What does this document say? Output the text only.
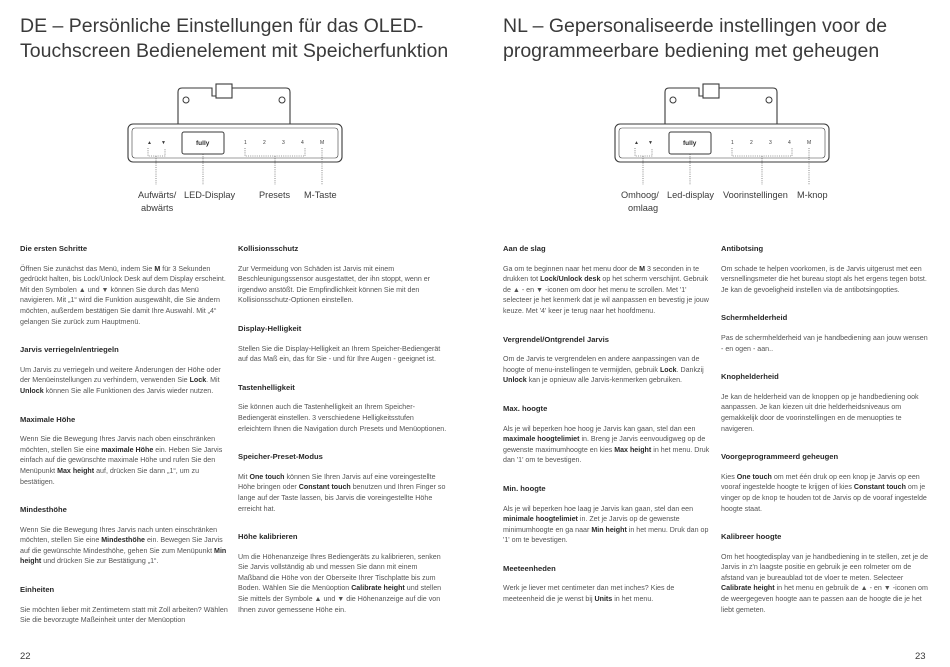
DE – Persönliche Einstellungen für das OLED-Touchscreen Bedienelement mit Speicherfunktion
▲ ▼	fully	1	2	3	4	M
Aufwärts/
abwärts
LED-Display	Presets M-Taste
Die ersten Schritte

Öffnen Sie zunächst das Menü, indem Sie M für 3 Sekunden gedrückt halten, bis Lock/Unlock Desk auf dem Display erscheint. Mit den Symbolen ▲ und ▼ können Sie durch das Menü navigieren. Mit „1“ wird die Funktion ausgewählt, die Sie ändern möchten, außerdem bestätigen Sie damit Ihre Auswahl. Mit „4“ gelangen Sie zurück zum Hauptmenü.

Jarvis verriegeln/entriegeln

Um Jarvis zu verriegeln und weitere Änderungen der Höhe oder der Menüeinstellungen zu verhindern, verwenden Sie Lock. Mit Unlock können Sie alle Funktionen des Jarvis wieder nutzen.

Maximale Höhe

Wenn Sie die Bewegung Ihres Jarvis nach oben einschränken möchten, stellen Sie eine maximale Höhe ein. Heben Sie Jarvis einfach auf die gewünschte maximale Höhe und rufen Sie den Menüpunkt Max height auf, drücken Sie dann „1“, um zu bestätigen.

Mindesthöhe

Wenn Sie die Bewegung Ihres Jarvis nach unten einschränken möchten, stellen Sie eine Mindesthöhe ein. Bewegen Sie Jarvis auf die gewünschte Mindesthöhe, gehen Sie zum Menüpunkt Min height und drücken Sie zur Bestätigung „1“.

Einheiten

Sie möchten lieber mit Zentimetern statt mit Zoll arbeiten? Wählen Sie die bevorzugte Maßeinheit unter der Menüoption

Kollisionsschutz

Zur Vermeidung von Schäden ist Jarvis mit einem Beschleunigungssensor ausgestattet, der ihn stoppt, wenn er irgendwo anstößt. Die Empfindlichkeit können Sie mit den Kollisionsschutz-Optionen einstellen.

Display-Helligkeit

Stellen Sie die Display-Helligkeit an Ihrem Speicher-Bediengerät auf das Maß ein, das für Sie - und für Ihre Augen - geeignet ist.

Tastenhelligkeit

Sie können auch die Tastenhelligkeit an Ihrem Speicher- Bediengerät einstellen. 3 verschiedene Helligkeitsstufen erleichtern Ihnen die Navigation durch Presets und Menüoptionen.

Speicher-Preset-Modus

Mit One touch können Sie Ihren Jarvis auf eine voreingestellte Höhe bringen oder Constant touch benutzen und Ihren Finger so lange auf der Taste lassen, bis Jarvis die voreingestellte Höhe erreicht hat.

Höhe kalibrieren

Um die Höhenanzeige Ihres Bediengeräts zu kalibrieren, senken Sie Jarvis vollständig ab und messen Sie dann mit einem Maßband die Höhe von der Oberseite Ihrer Tischplatte bis zum Boden. Wählen Sie die Menüoption Calibrate height und stellen Sie mittels der Symbole ▲ und ▼ die Höhenanzeige auf die von Ihnen zuvor gemessene Höhe ein.

22
NL – Gepersonaliseerde instellingen voor de programmeerbare bediening met geheugen
▲ ▼	fully	1	2	3	4	M
Omhoog/
omlaag
Led-display Voorinstellingen M-knop
Aan de slag

Ga om te beginnen naar het menu door de M 3 seconden in te drukken tot Lock/Unlock desk op het scherm verschijnt. Gebruik de ▲ - en ▼ -iconen om door het menu te scrollen. Met '1' selecteer je het kenmerk dat je wil aanpassen en bevestig je jouw keuze. Met '4' keer je terug naar het hoofdmenu.

Vergrendel/Ontgrendel Jarvis

Om de Jarvis te vergrendelen en andere aanpassingen van de hoogte of menu-instellingen te vermijden, gebruik Lock. Dankzij Unlock kan je opnieuw alle Jarvis-kenmerken gebruiken.

Max. hoogte

Als je wil beperken hoe hoog je Jarvis kan gaan, stel dan een maximale hoogtelimiet in. Breng je Jarvis eenvoudigweg op de gewenste maximumhoogte en kies Max height in het menu. Druk dan '1' om te bevestigen.

Min. hoogte

Als je wil beperken hoe laag je Jarvis kan gaan, stel dan een minimale hoogtelimiet in. Zet je Jarvis op de gewenste minimumhoogte en ga naar Min height in het menu. Druk dan op '1' om te bevestigen.

Meeteenheden

Werk je liever met centimeter dan met inches? Kies de meeteenheid die je wenst bij Units in het menu.

Antibotsing

Om schade te helpen voorkomen, is de Jarvis uitgerust met een versnellingsmeter die het bureau stopt als het ergens tegen botst. Je kan de gevoeligheid instellen via de antibotsingopties.

Schermhelderheid

Pas de schermhelderheid van je handbediening aan jouw wensen - en ogen - aan..

Knophelderheid

Je kan de helderheid van de knoppen op je handbediening ook aanpassen. Je kan kiezen uit drie helderheidsniveaus om gemakkelijk door de voorinstellingen en de menuopties te navigeren.

Voorgeprogrammeerd geheugen

Kies One touch om met één druk op een knop je Jarvis op een vooraf ingestelde hoogte te krijgen of kies Constant touch om je vinger op de knop te houden tot de Jarvis op de vooraf ingestelde hoogte staat.

Kalibreer hoogte

Om het hoogtedisplay van je handbediening in te stellen, zet je de Jarvis in z'n laagste positie en gebruik je een rolmeter om de afstand van je bureaublad tot de vloer te meten. Selecteer Calibrate height in het menu en gebruik de ▲ - en ▼ -iconen om de weergegeven hoogte aan te passen aan de hoogte die je het liebt gemeten.

23
